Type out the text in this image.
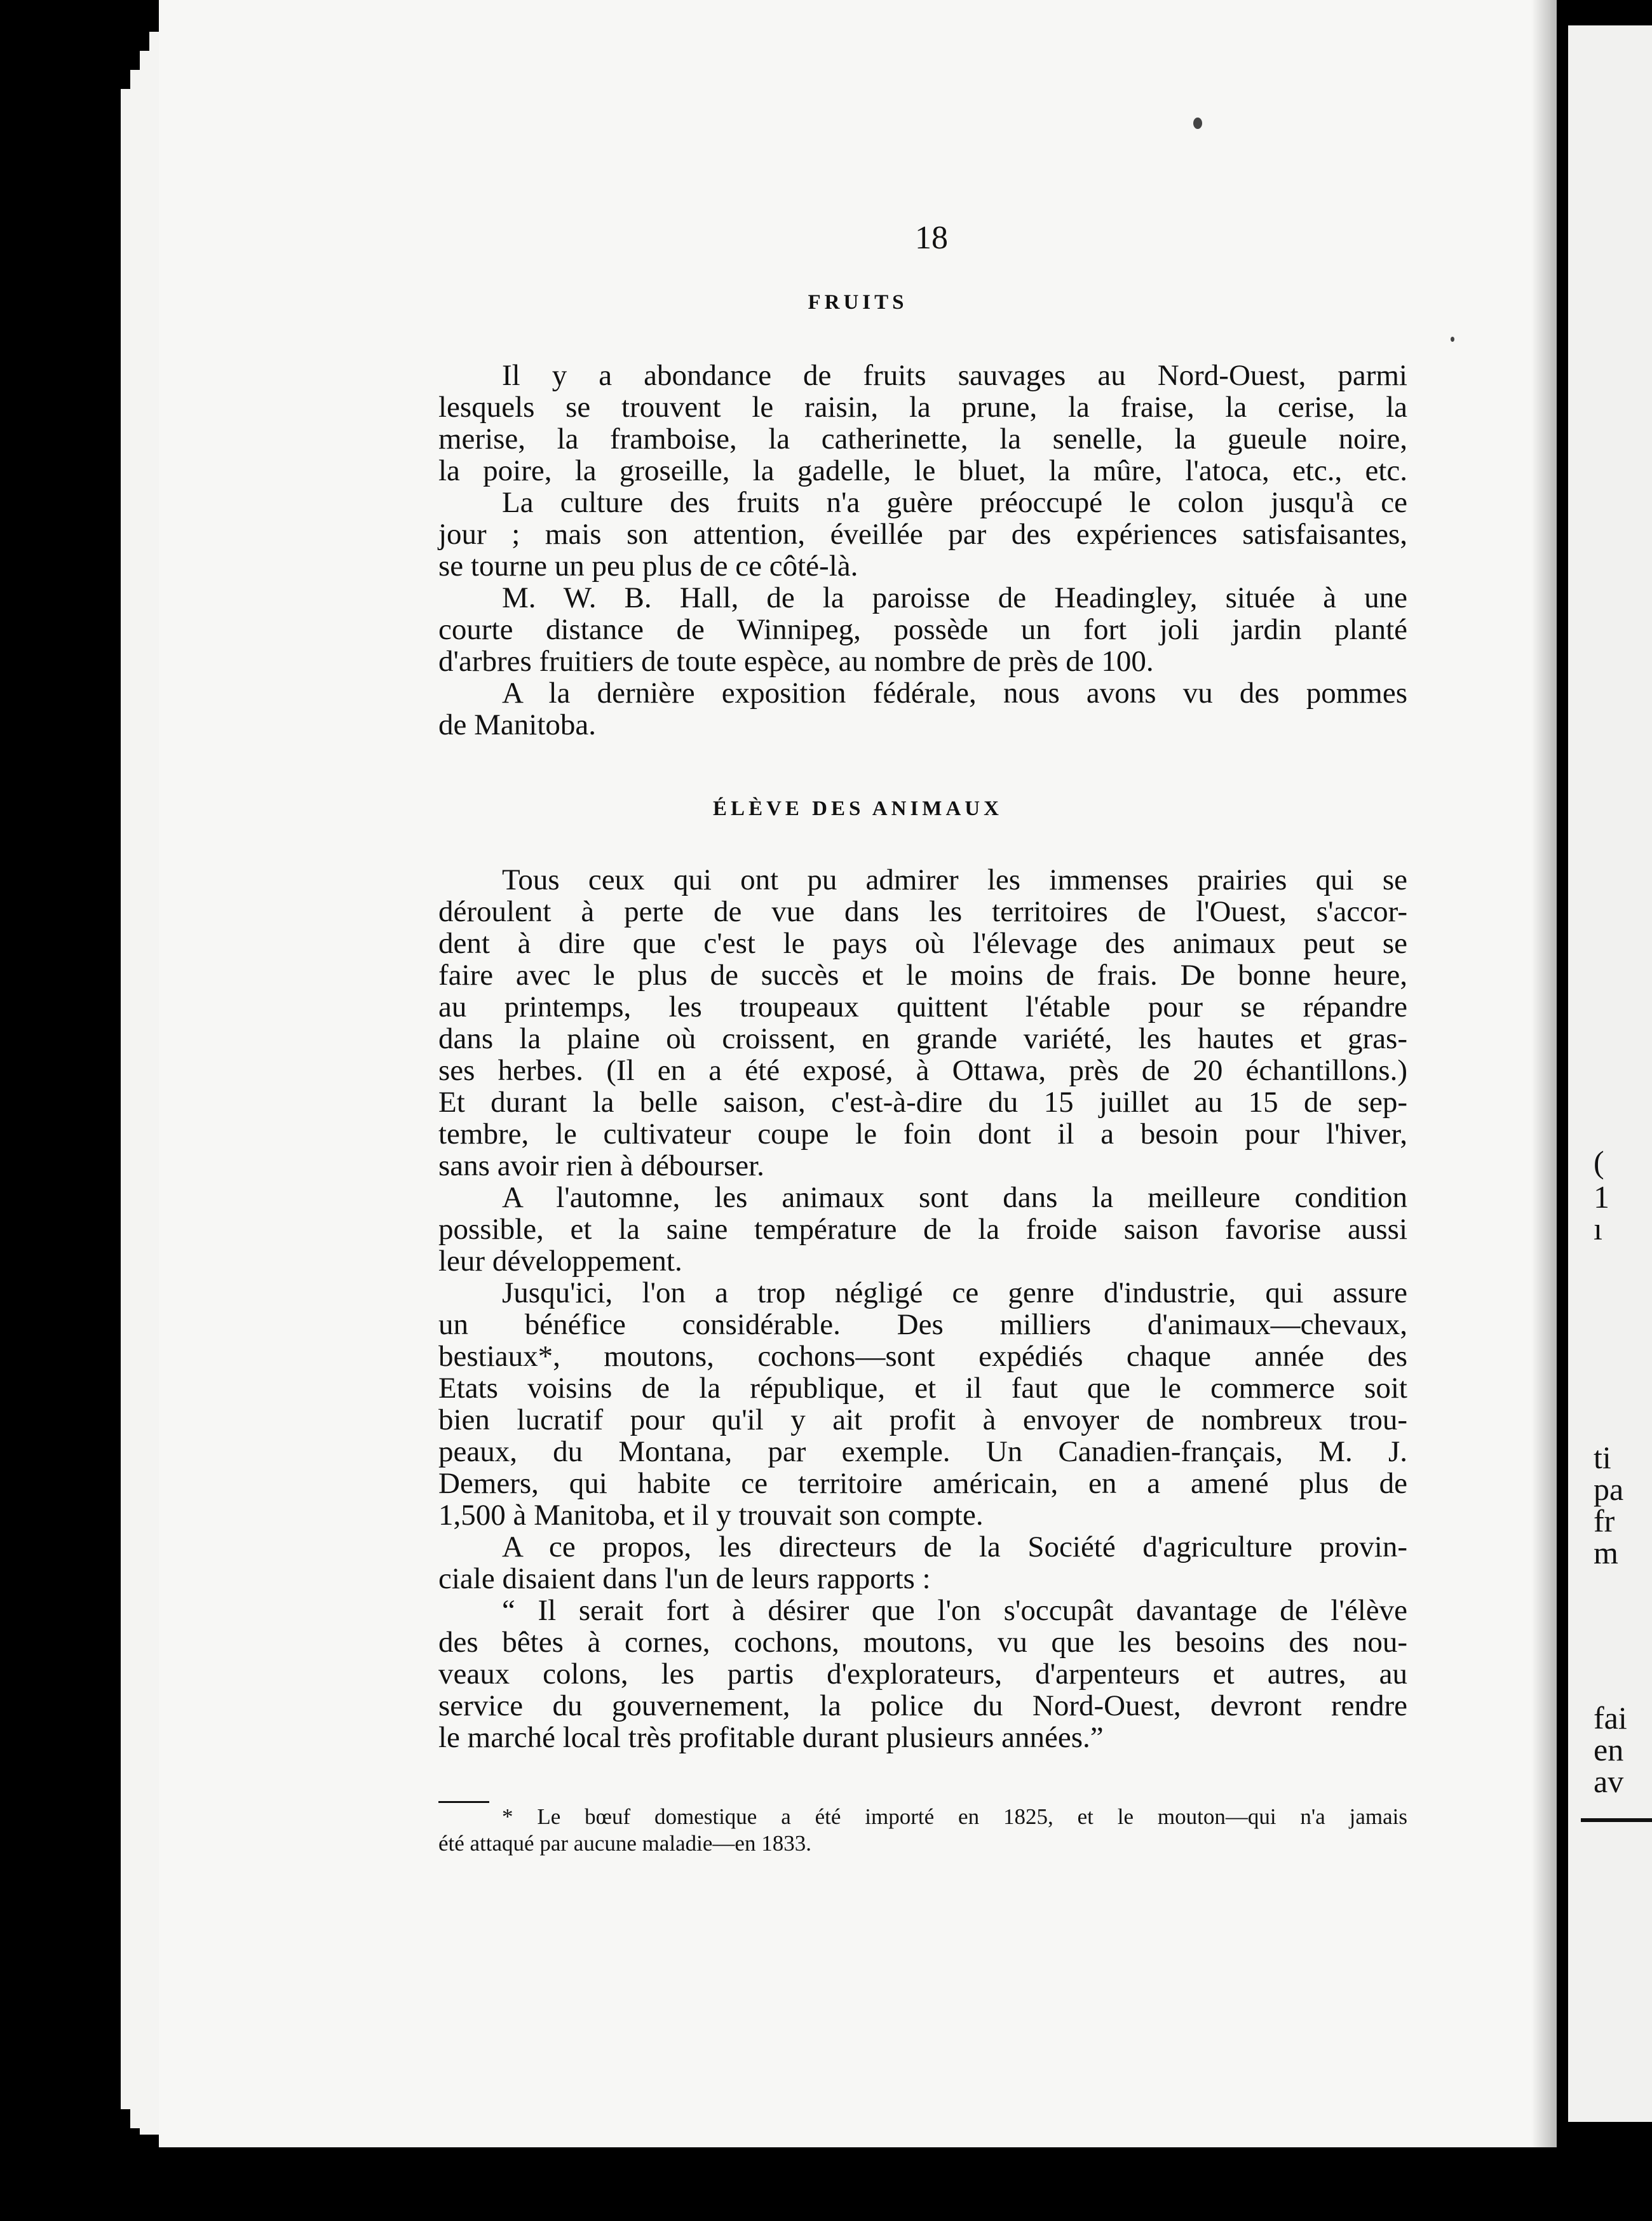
(
1
ı
ti
pa
fr
m
fai
en
av
18
FRUITS
Il y a abondance de fruits sauvages au Nord-Ouest, parmi
lesquels se trouvent le raisin, la prune, la fraise, la cerise, la
merise, la framboise, la catherinette, la senelle, la gueule noire,
la poire, la groseille, la gadelle, le bluet, la mûre, l'atoca, etc., etc.
La culture des fruits n'a guère préoccupé le colon jusqu'à ce
jour ; mais son attention, éveillée par des expériences satisfaisantes,
se tourne un peu plus de ce côté-là.
M. W. B. Hall, de la paroisse de Headingley, située à une
courte distance de Winnipeg, possède un fort joli jardin planté
d'arbres fruitiers de toute espèce, au nombre de près de 100.
A la dernière exposition fédérale, nous avons vu des pommes
de Manitoba.
ÉLÈVE DES ANIMAUX
Tous ceux qui ont pu admirer les immenses prairies qui se
déroulent à perte de vue dans les territoires de l'Ouest, s'accor-
dent à dire que c'est le pays où l'élevage des animaux peut se
faire avec le plus de succès et le moins de frais. De bonne heure,
au printemps, les troupeaux quittent l'étable pour se répandre
dans la plaine où croissent, en grande variété, les hautes et gras-
ses herbes. (Il en a été exposé, à Ottawa, près de 20 échantillons.)
Et durant la belle saison, c'est-à-dire du 15 juillet au 15 de sep-
tembre, le cultivateur coupe le foin dont il a besoin pour l'hiver,
sans avoir rien à débourser.
A l'automne, les animaux sont dans la meilleure condition
possible, et la saine température de la froide saison favorise aussi
leur développement.
Jusqu'ici, l'on a trop négligé ce genre d'industrie, qui assure
un bénéfice considérable. Des milliers d'animaux—chevaux,
bestiaux*, moutons, cochons—sont expédiés chaque année des
Etats voisins de la république, et il faut que le commerce soit
bien lucratif pour qu'il y ait profit à envoyer de nombreux trou-
peaux, du Montana, par exemple. Un Canadien-français, M. J.
Demers, qui habite ce territoire américain, en a amené plus de
1,500 à Manitoba, et il y trouvait son compte.
A ce propos, les directeurs de la Société d'agriculture provin-
ciale disaient dans l'un de leurs rapports :
“ Il serait fort à désirer que l'on s'occupât davantage de l'élève
des bêtes à cornes, cochons, moutons, vu que les besoins des nou-
veaux colons, les partis d'explorateurs, d'arpenteurs et autres, au
service du gouvernement, la police du Nord-Ouest, devront rendre
le marché local très profitable durant plusieurs années.”
* Le bœuf domestique a été importé en 1825, et le mouton—qui n'a jamais
été attaqué par aucune maladie—en 1833.
